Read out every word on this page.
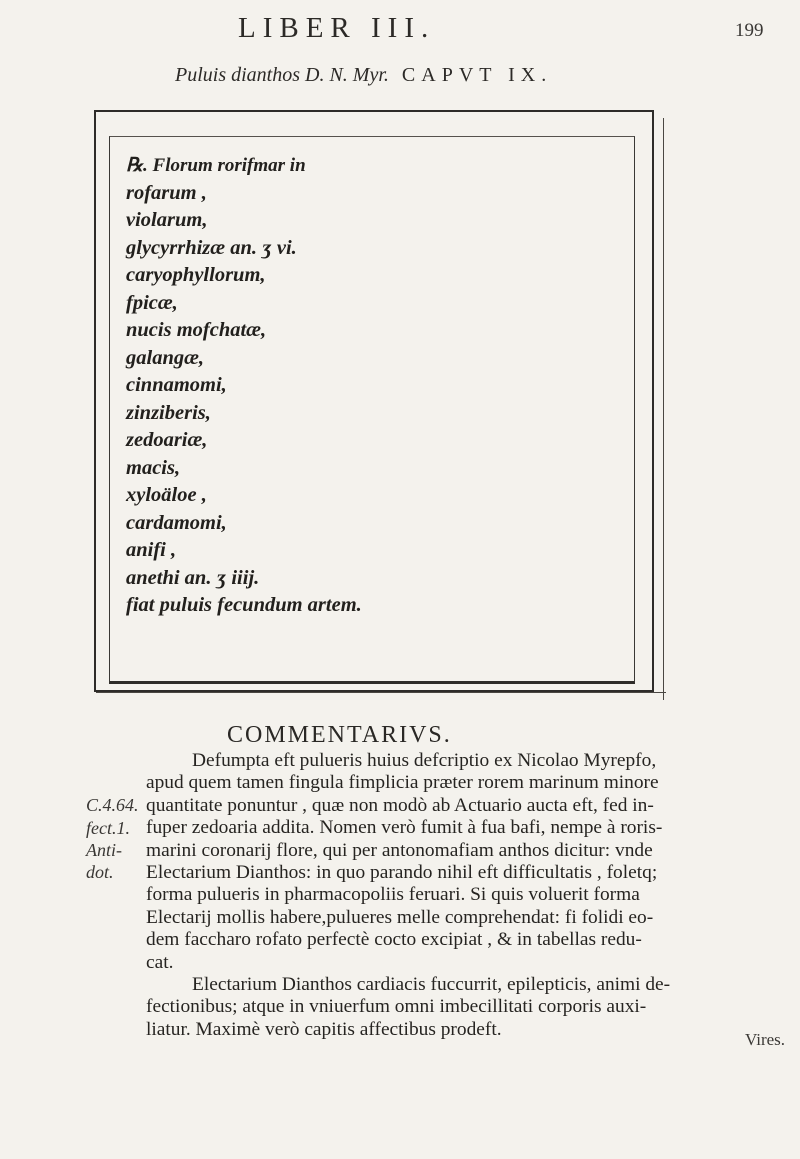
LIBER III.	199
Puluis dianthos D. N. Myr. CAPVT IX.
℞. Florum rorifmar in
rofarum ,
violarum,
glycyrrhizæ an. ʒ vi.
caryophyllorum,
fpicæ,
nucis mofchatæ,
galangæ,
cinnamomi,
zinziberis,
zedoariæ,
macis,
xyloäloe ,
cardamomi,
anifi ,
anethi an. ʒ iiij.
fiat puluis fecundum artem.
COMMENTARIVS.

Defumpta eft pulueris huius defcriptio ex Nicolao Myrepfo,
apud quem tamen fingula fimplicia præter rorem marinum minore
quantitate ponuntur , quæ non modò ab Actuario aucta eft, fed in-
fuper zedoaria addita. Nomen verò fumit à fua bafi, nempe à roris-
marini coronarij flore, qui per antonomafiam anthos dicitur: vnde
Electarium Dianthos: in quo parando nihil eft difficultatis , foletq;
forma pulueris in pharmacopoliis feruari. Si quis voluerit forma
Electarij mollis habere,pulueres melle comprehendat: fi folidi eo-
dem faccharo rofato perfectè cocto excipiat , & in tabellas redu-
cat.

Electarium Dianthos cardiacis fuccurrit, epilepticis, animi de-
fectionibus; atque in vniuerfum omni imbecillitati corporis auxi-
liatur. Maximè verò capitis affectibus prodeft.

C.4.64.
fect.1.
Anti-
dot.
Vires.
